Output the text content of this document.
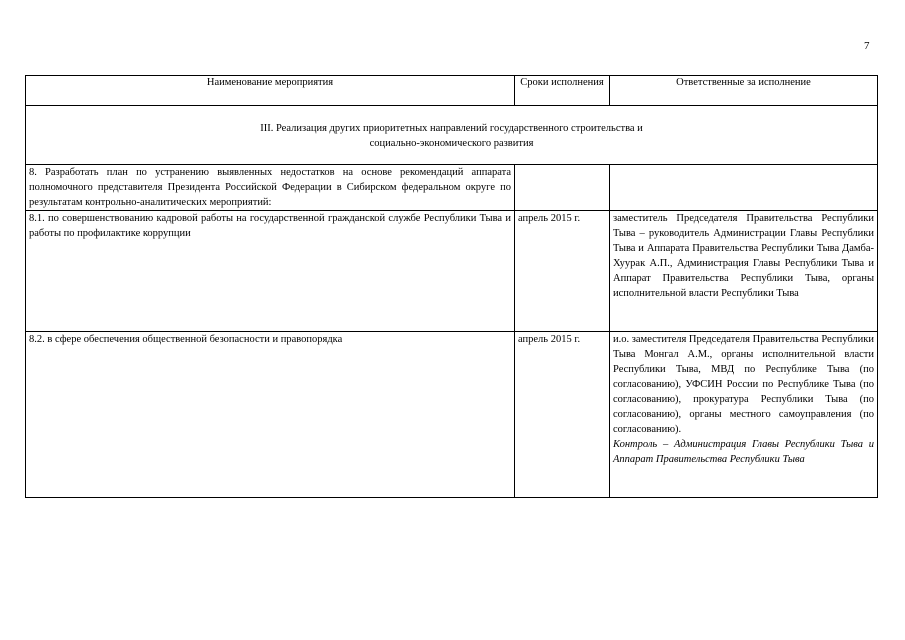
7
Наименование мероприятия	Сроки исполнения	Ответственные за исполнение

III. Реализация других приоритетных направлений государственного строительства и социально-экономического развития		

8. Разработать план по устранению выявленных недостатков на основе рекомендаций аппарата полномочного представителя Президента Российской Федерации в Сибирском федеральном округе по результатам контрольно-аналитических мероприятий:		

8.1. по совершенствованию кадровой работы на государственной гражданской службе Республики Тыва и работы по профилактике коррупции	апрель 2015 г.	заместитель Председателя Правительства Республики Тыва – руководитель Администрации Главы Республики Тыва и Аппарата Правительства Республики Тыва Дамба-Хуурак А.П., Администрация Главы Республики Тыва и Аппарат Правительства Республики Тыва, органы исполнительной власти Республики Тыва

8.2. в сфере обеспечения общественной безопасности и правопорядка	апрель 2015 г.	и.о. заместителя Председателя Правительства Республики Тыва Монгал А.М., органы исполнительной власти Республики Тыва, МВД по Республике Тыва (по согласованию), УФСИН России по Республике Тыва (по согласованию), прокуратура Республики Тыва (по согласованию), органы местного самоуправления (по согласованию).
Контроль – Администрация Главы Республики Тыва и Аппарат Правительства Республики Тыва
